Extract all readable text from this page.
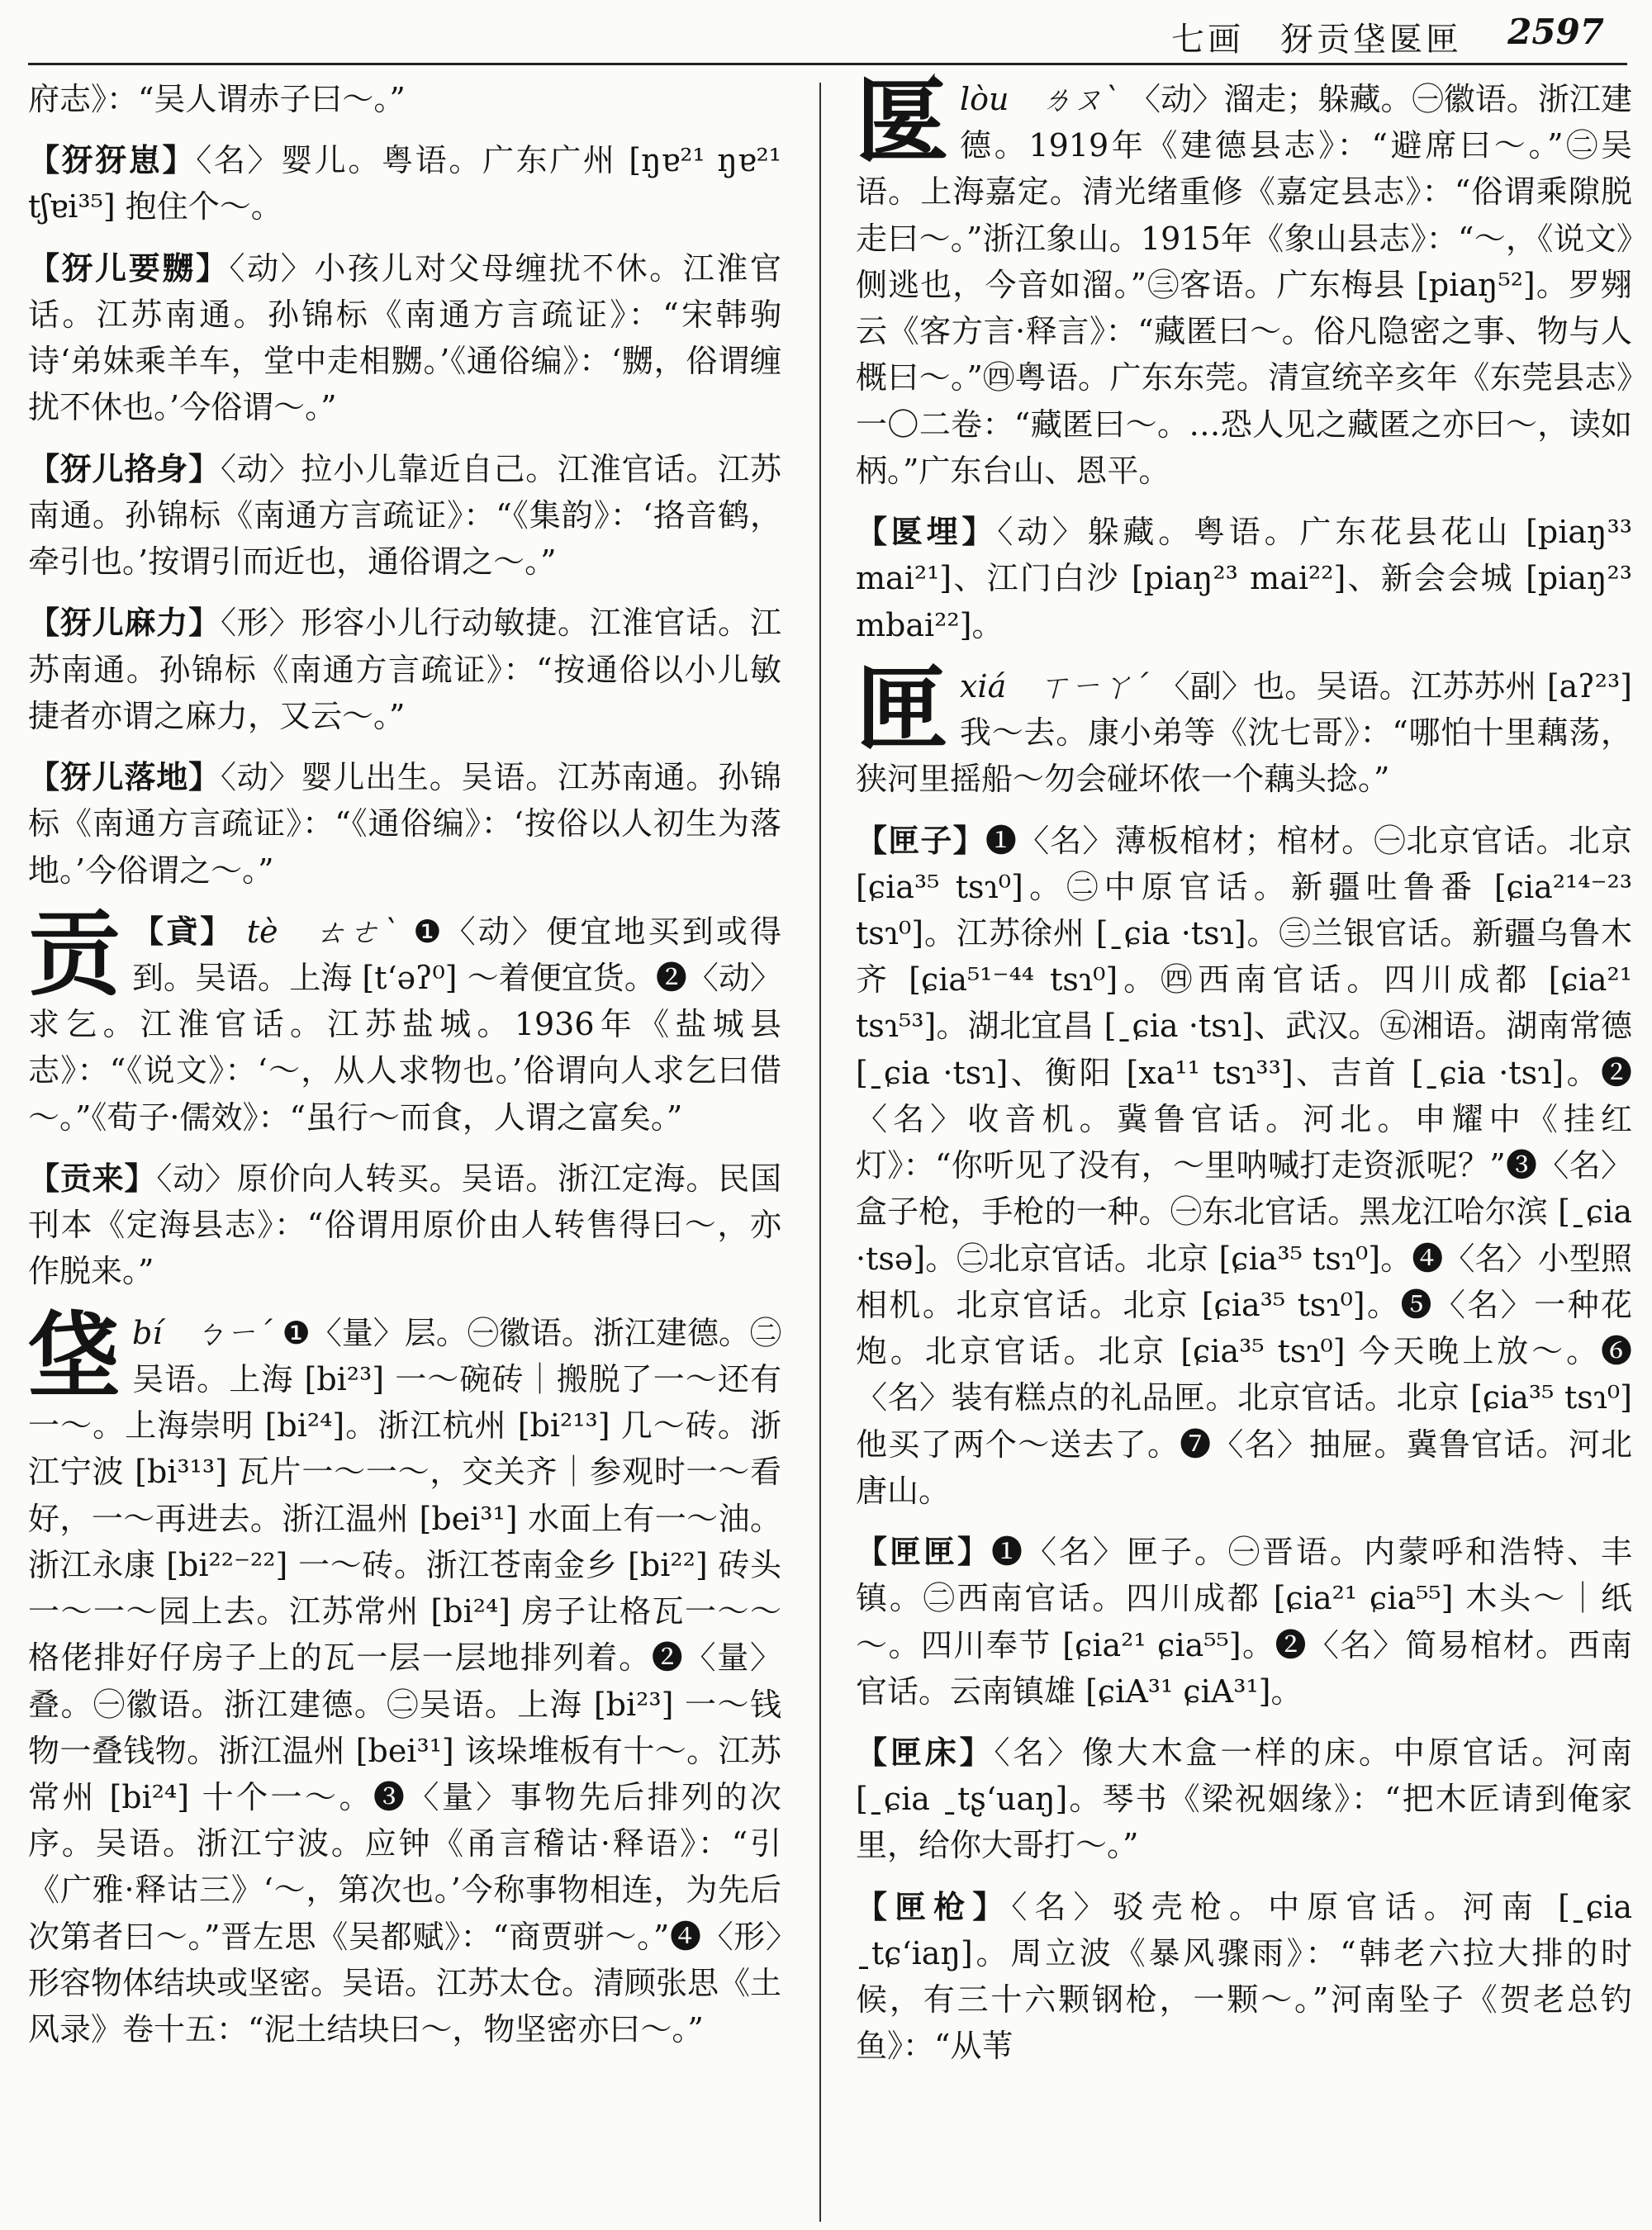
七画　犽贡垡匽匣 2597

府志》：“吴人谓赤子曰～。”

【犽犽崽】〈名〉婴儿。粤语。广东广州 [ŋɐ²¹ ŋɐ²¹ tʃɐi³⁵] 抱住个～。

【犽儿要嬲】〈动〉小孩儿对父母缠扰不休。江淮官话。江苏南通。孙锦标《南通方言疏证》：“宋韩驹诗‘弟妹乘羊车，堂中走相嬲。’《通俗编》：‘嬲，俗谓缠扰不休也。’今俗谓～。”

【犽儿挌身】〈动〉拉小儿靠近自己。江淮官话。江苏南通。孙锦标《南通方言疏证》：“《集韵》：‘挌音鹤，牵引也。’按谓引而近也，通俗谓之～。”

【犽儿麻力】〈形〉形容小儿行动敏捷。江淮官话。江苏南通。孙锦标《南通方言疏证》：“按通俗以小儿敏捷者亦谓之麻力，又云～。”

【犽儿落地】〈动〉婴儿出生。吴语。江苏南通。孙锦标《南通方言疏证》：“《通俗编》：‘按俗以人初生为落地。’今俗谓之～。”

贡 【貣】 tè　ㄊㄜˋ ❶〈动〉便宜地买到或得到。吴语。上海 [tʻəʔ⁰] ～着便宜货。❷〈动〉求乞。江淮官话。江苏盐城。1936年《盐城县志》：“《说文》：‘～，从人求物也。’俗谓向人求乞曰借～。”《荀子·儒效》：“虽行～而食，人谓之富矣。”

【贡来】〈动〉原价向人转买。吴语。浙江定海。民国刊本《定海县志》：“俗谓用原价由人转售得曰～，亦作脱来。”

垡bí　ㄅㄧˊ ❶〈量〉层。㊀徽语。浙江建德。㊁吴语。上海 [bi²³] 一～碗砖｜搬脱了一～还有一～。上海崇明 [bi²⁴]。浙江杭州 [bi²¹³] 几～砖。浙江宁波 [bi³¹³] 瓦片一～一～，交关齐｜参观时一～看好，一～再进去。浙江温州 [bei³¹] 水面上有一～油。浙江永康 [bi²²⁻²²] 一～砖。浙江苍南金乡 [bi²²] 砖头一～一～园上去。江苏常州 [bi²⁴] 房子让格瓦一～～格佬排好仔房子上的瓦一层一层地排列着。❷〈量〉叠。㊀徽语。浙江建德。㊁吴语。上海 [bi²³] 一～钱物一叠钱物。浙江温州 [bei³¹] 该垛堆板有十～。江苏常州 [bi²⁴] 十个一～。❸〈量〉事物先后排列的次序。吴语。浙江宁波。应钟《甬言稽诂·释语》：“引《广雅·释诂三》‘～，第次也。’今称事物相连，为先后次第者曰～。”晋左思《吴都赋》：“商贾骈～。”❹〈形〉形容物体结块或坚密。吴语。江苏太仓。清顾张思《土风录》卷十五：“泥土结块曰～，物坚密亦曰～。”

匽lòu　ㄌㄡˋ 〈动〉溜走；躲藏。㊀徽语。浙江建德。1919年《建德县志》：“避席曰～。”㊁吴语。上海嘉定。清光绪重修《嘉定县志》：“俗谓乘隙脱走曰～。”浙江象山。1915年《象山县志》：“～，《说文》侧逃也，今音如溜。”㊂客语。广东梅县 [piaŋ⁵²]。罗翙云《客方言·释言》：“藏匿曰～。俗凡隐密之事、物与人概曰～。”㊃粤语。广东东莞。清宣统辛亥年《东莞县志》一〇二卷：“藏匿曰～。…恐人见之藏匿之亦曰～，读如柄。”广东台山、恩平。

【匽埋】〈动〉躲藏。粤语。广东花县花山 [piaŋ³³ mai²¹]、江门白沙 [piaŋ²³ mai²²]、新会会城 [piaŋ²³ mbai²²]。

匣xiá　ㄒㄧㄚˊ 〈副〉也。吴语。江苏苏州 [aʔ²³] 我～去。康小弟等《沈七哥》：“哪怕十里藕荡，狭河里摇船～勿会碰坏侬一个藕头捻。”

【匣子】❶〈名〉薄板棺材；棺材。㊀北京官话。北京 [ɕia³⁵ tsɿ⁰]。㊁中原官话。新疆吐鲁番 [ɕia²¹⁴⁻²³ tsɿ⁰]。江苏徐州 [ˍɕia ·tsɿ]。㊂兰银官话。新疆乌鲁木齐 [ɕia⁵¹⁻⁴⁴ tsɿ⁰]。㊃西南官话。四川成都 [ɕia²¹ tsɿ⁵³]。湖北宜昌 [ˍɕia ·tsɿ]、武汉。㊄湘语。湖南常德 [ˍɕia ·tsɿ]、衡阳 [xa¹¹ tsɿ³³]、吉首 [ˍɕia ·tsɿ]。❷〈名〉收音机。冀鲁官话。河北。申耀中《挂红灯》：“你听见了没有，～里呐喊打走资派呢？”❸〈名〉盒子枪，手枪的一种。㊀东北官话。黑龙江哈尔滨 [ˍɕia ·tsə]。㊁北京官话。北京 [ɕia³⁵ tsɿ⁰]。❹〈名〉小型照相机。北京官话。北京 [ɕia³⁵ tsɿ⁰]。❺〈名〉一种花炮。北京官话。北京 [ɕia³⁵ tsɿ⁰] 今天晚上放～。❻〈名〉装有糕点的礼品匣。北京官话。北京 [ɕia³⁵ tsɿ⁰] 他买了两个～送去了。❼〈名〉抽屉。冀鲁官话。河北唐山。

【匣匣】❶〈名〉匣子。㊀晋语。内蒙呼和浩特、丰镇。㊁西南官话。四川成都 [ɕia²¹ ɕia⁵⁵] 木头～｜纸～。四川奉节 [ɕia²¹ ɕia⁵⁵]。❷〈名〉简易棺材。西南官话。云南镇雄 [ɕiA³¹ ɕiA³¹]。

【匣床】〈名〉像大木盒一样的床。中原官话。河南 [ˍɕia ˍtʂʻuaŋ]。琴书《梁祝姻缘》：“把木匠请到俺家里，给你大哥打～。”

【匣枪】〈名〉驳壳枪。中原官话。河南 [ˍɕia ˍtɕʻiaŋ]。周立波《暴风骤雨》：“韩老六拉大排的时候，有三十六颗钢枪，一颗～。”河南坠子《贺老总钓鱼》：“从苇
